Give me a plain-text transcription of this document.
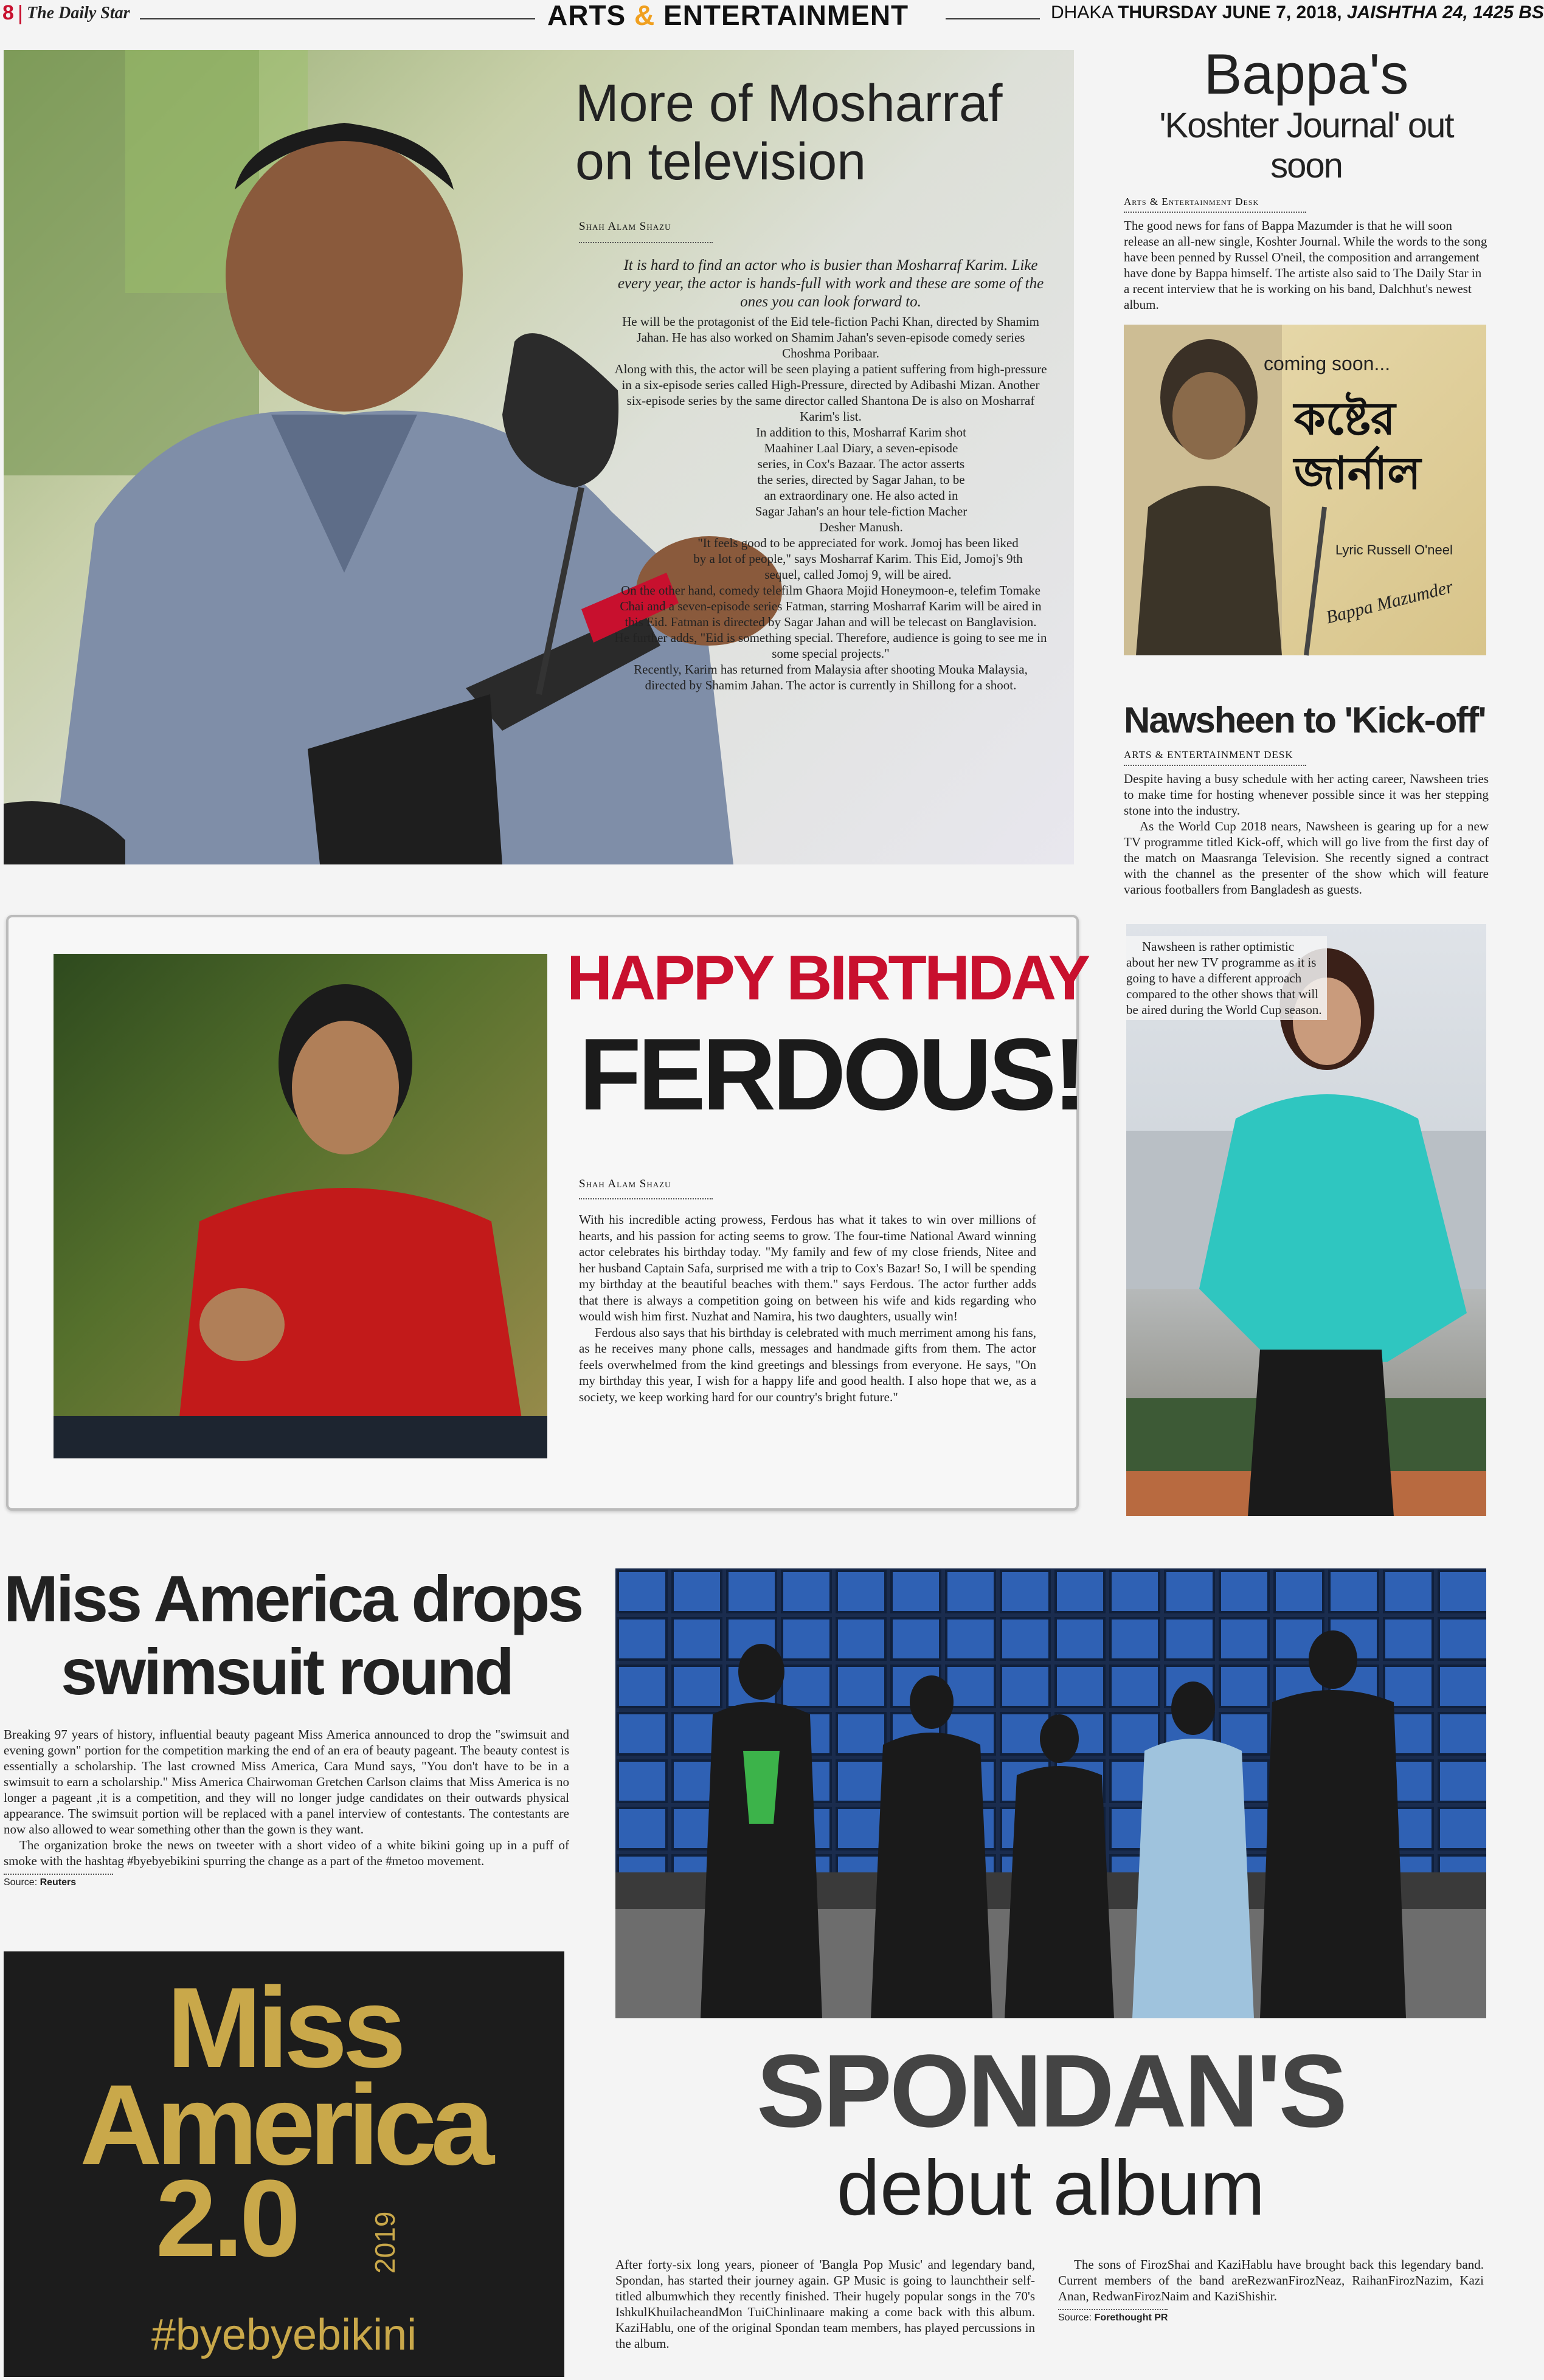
8 The Daily Star	ARTS & ENTERTAINMENT	DHAKA THURSDAY JUNE 7, 2018, JAISHTHA 24, 1425 BS
More of Mosharraf
on television
Shah Alam Shazu

It is hard to find an actor who is busier than Mosharraf Karim. Like every year, the actor is hands-full with work and these are some of the ones you can look forward to.

He will be the protagonist of the Eid tele-fiction Pachi Khan, directed by Shamim Jahan. He has also worked on Shamim Jahan's seven-episode comedy series Choshma Poribaar.

Along with this, the actor will be seen playing a patient suffering from high-pressure in a six-episode series called High-Pressure, directed by Adibashi Mizan. Another six-episode series by the same director called Shantona De is also on Mosharraf Karim's list.

In addition to this, Mosharraf Karim shot Maahiner Laal Diary, a seven-episode series, in Cox's Bazaar. The actor asserts the series, directed by Sagar Jahan, to be an extraordinary one. He also acted in Sagar Jahan's an hour tele-fiction Macher Desher Manush.

"It feels good to be appreciated for work. Jomoj has been liked by a lot of people," says Mosharraf Karim. This Eid, Jomoj's 9th sequel, called Jomoj 9, will be aired.

On the other hand, comedy telefilm Ghaora Mojid Honeymoon-e, telefim Tomake Chai and a seven-episode series Fatman, starring Mosharraf Karim will be aired in this Eid. Fatman is directed by Sagar Jahan and will be telecast on Banglavision.

He further adds, "Eid is something special. Therefore, audience is going to see me in some special projects."

Recently, Karim has returned from Malaysia after shooting Mouka Malaysia, directed by Shamim Jahan. The actor is currently in Shillong for a shoot.

Bappa's
'Koshter Journal' out soon
Arts & Entertainment Desk

The good news for fans of Bappa Mazumder is that he will soon release an all-new single, Koshter Journal. While the words to the song have been penned by Russel O'neil, the composition and arrangement have done by Bappa himself. The artiste also said to The Daily Star in a recent interview that he is working on his band, Dalchhut's newest album.

coming soon...
কষ্টের জার্নাল
Lyric Russell O'neel
Bappa Mazumder
Nawsheen to 'Kick-off'
ARTS & ENTERTAINMENT DESK

Despite having a busy schedule with her acting career, Nawsheen tries to make time for hosting whenever possible since it was her stepping stone into the industry.

As the World Cup 2018 nears, Nawsheen is gearing up for a new TV programme titled Kick-off, which will go live from the first day of the match on Maasranga Television. She recently signed a contract with the channel as the presenter of the show which will feature various footballers from Bangladesh as guests.

Nawsheen is rather optimistic about her new TV programme as it is going to have a different approach compared to the other shows that will be aired during the World Cup season.

HAPPY BIRTHDAY
FERDOUS!
Shah Alam Shazu

With his incredible acting prowess, Ferdous has what it takes to win over millions of hearts, and his passion for acting seems to grow. The four-time National Award winning actor celebrates his birthday today. "My family and few of my close friends, Nitee and her husband Captain Safa, surprised me with a trip to Cox's Bazar! So, I will be spending my birthday at the beautiful beaches with them." says Ferdous. The actor further adds that there is always a competition going on between his wife and kids regarding who would wish him first. Nuzhat and Namira, his two daughters, usually win!

Ferdous also says that his birthday is celebrated with much merriment among his fans, as he receives many phone calls, messages and handmade gifts from them. The actor feels overwhelmed from the kind greetings and blessings from everyone. He says, "On my birthday this year, I wish for a happy life and good health. I also hope that we, as a society, we keep working hard for our country's bright future."

Miss America drops
swimsuit round

Breaking 97 years of history, influential beauty pageant Miss America announced to drop the "swimsuit and evening gown" portion for the competition marking the end of an era of beauty pageant. The beauty contest is essentially a scholarship. The last crowned Miss America, Cara Mund says, "You don't have to be in a swimsuit to earn a scholarship." Miss America Chairwoman Gretchen Carlson claims that Miss America is no longer a pageant ,it is a competition, and they will no longer judge candidates on their outwards physical appearance. The swimsuit portion will be replaced with a panel interview of contestants. The contestants are now also allowed to wear something other than the gown is they want.

The organization broke the news on tweeter with a short video of a white bikini going up in a puff of smoke with the hashtag #byebyebikini spurring the change as a part of the #metoo movement.

Source: Reuters
Miss
America
2.0	2019
#byebyebikini
SPONDAN'S
debut album

After forty-six long years, pioneer of 'Bangla Pop Music' and legendary band, Spondan, has started their journey again. GP Music is going to launchtheir self-titled albumwhich they recently finished. Their hugely popular songs in the 70's IshkulKhuilacheandMon TuiChinlinaare making a come back with this album. KaziHablu, one of the original Spondan team members, has played percussions in the album.

The sons of FirozShai and KaziHablu have brought back this legendary band. Current members of the band areRezwanFirozNeaz, RaihanFirozNazim, Kazi Anan, RedwanFirozNaim and KaziShishir.

Source: Forethought PR
